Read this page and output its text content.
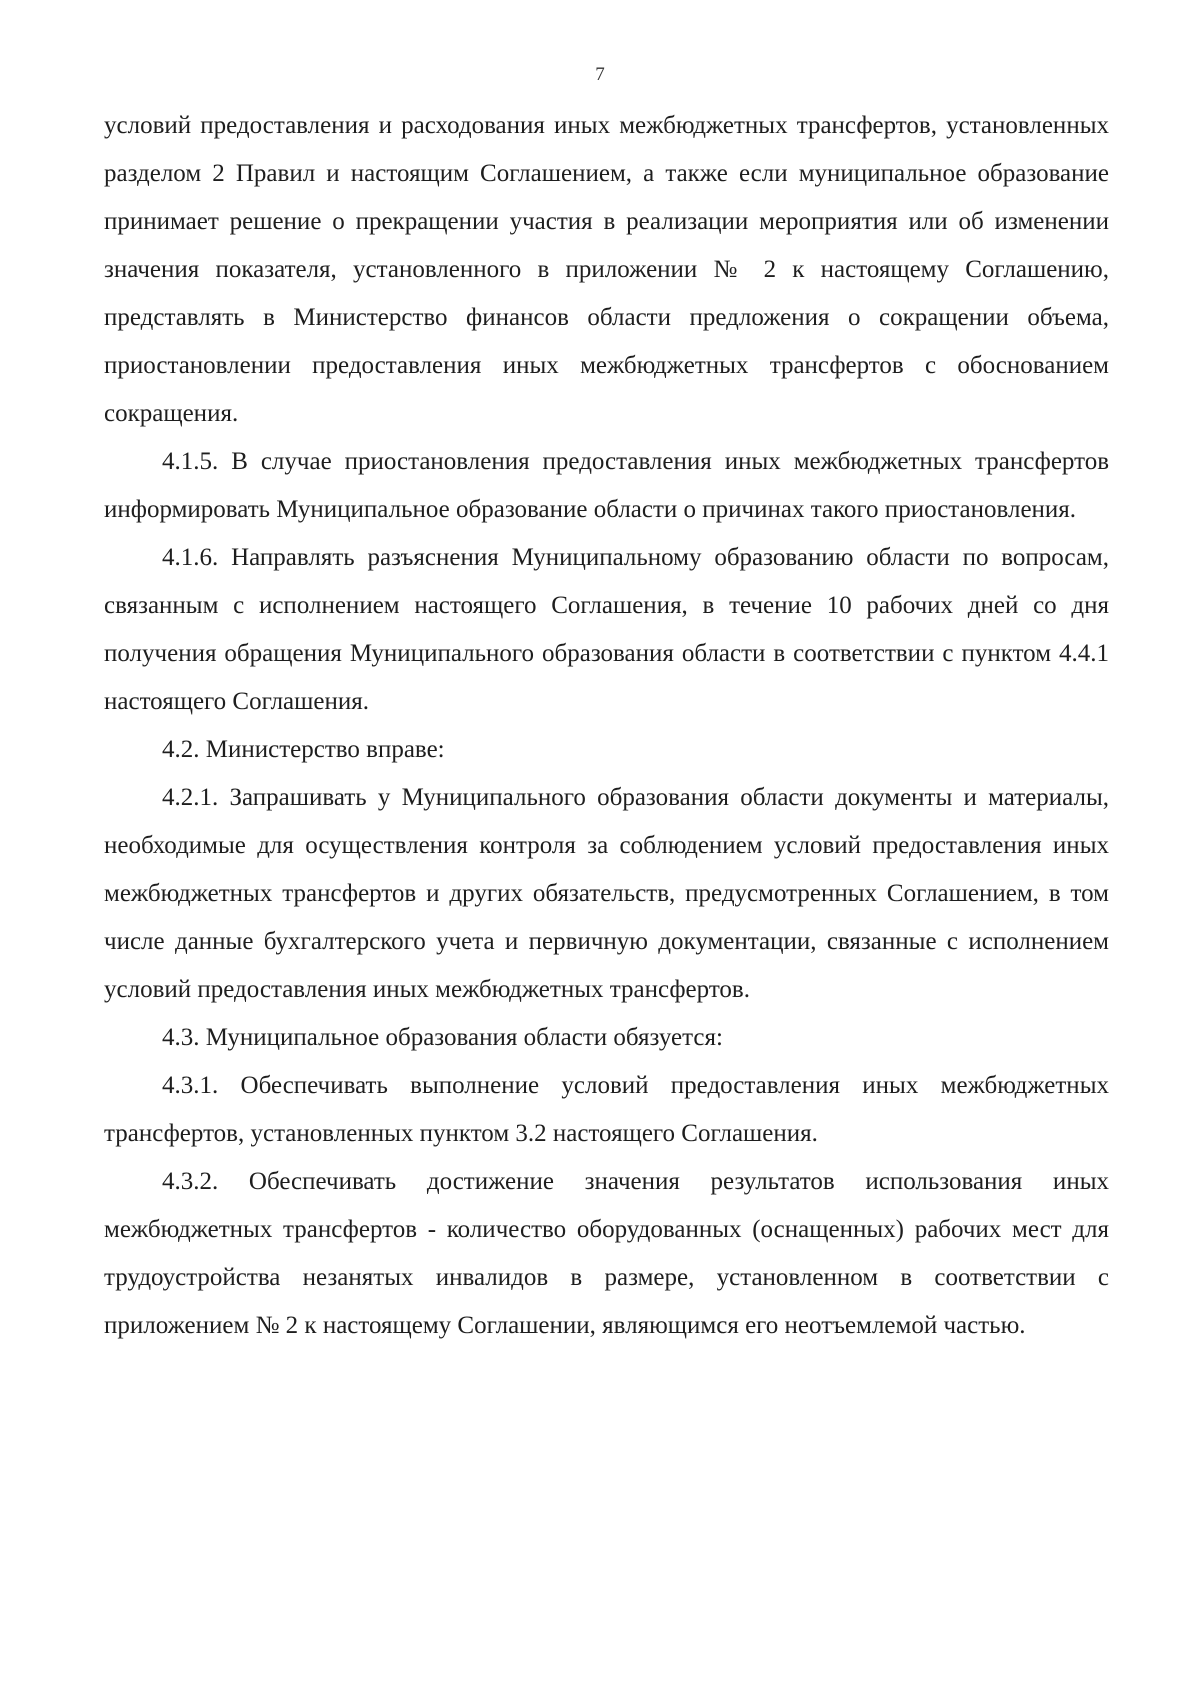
7

условий предоставления и расходования иных межбюджетных трансфертов, установленных разделом 2 Правил и настоящим Соглашением, а также если муниципальное образование принимает решение о прекращении участия в реализации мероприятия или об изменении значения показателя, установленного в приложении № 2 к настоящему Соглашению, представлять в Министерство финансов области предложения о сокращении объема, приостановлении предоставления иных межбюджетных трансфертов с обоснованием сокращения.

4.1.5. В случае приостановления предоставления иных межбюджетных трансфертов информировать Муниципальное образование области о причинах такого приостановления.

4.1.6. Направлять разъяснения Муниципальному образованию области по вопросам, связанным с исполнением настоящего Соглашения, в течение 10 рабочих дней со дня получения обращения Муниципального образования области в соответствии с пунктом 4.4.1 настоящего Соглашения.

4.2. Министерство вправе:

4.2.1. Запрашивать у Муниципального образования области документы и материалы, необходимые для осуществления контроля за соблюдением условий предоставления иных межбюджетных трансфертов и других обязательств, предусмотренных Соглашением, в том числе данные бухгалтерского учета и первичную документации, связанные с исполнением условий предоставления иных межбюджетных трансфертов.

4.3. Муниципальное образования области обязуется:

4.3.1. Обеспечивать выполнение условий предоставления иных межбюджетных трансфертов, установленных пунктом 3.2 настоящего Соглашения.

4.3.2. Обеспечивать достижение значения результатов использования иных межбюджетных трансфертов - количество оборудованных (оснащенных) рабочих мест для трудоустройства незанятых инвалидов в размере, установленном в соответствии с приложением № 2 к настоящему Соглашении, являющимся его неотъемлемой частью.
